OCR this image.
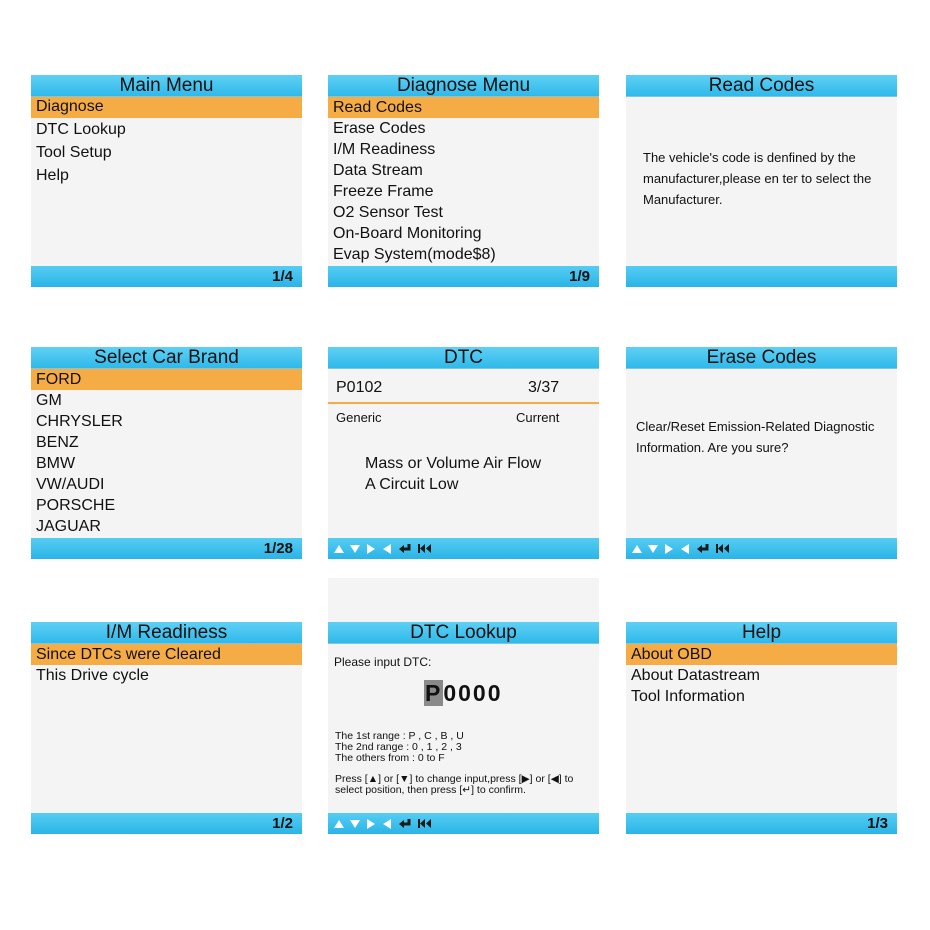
Main Menu
Diagnose
DTC Lookup
Tool Setup
Help
1/4
Diagnose Menu
Read Codes
Erase Codes
I/M Readiness
Data Stream
Freeze Frame
O2 Sensor Test
On-Board Monitoring
Evap System(mode$8)
1/9
Read Codes
The vehicle's code is denfined by the
manufacturer,please en ter to select the
Manufacturer.
Select Car Brand
FORD
GM
CHRYSLER
BENZ
BMW
VW/AUDI
PORSCHE
JAGUAR
1/28
DTC
P0102	3/37
Generic	Current
Mass or Volume Air Flow
A Circuit Low
Erase Codes
Clear/Reset Emission-Related Diagnostic
Information. Are you sure?
I/M Readiness
Since DTCs were Cleared
This Drive cycle
1/2
DTC Lookup
Please input DTC:
P0000
The 1st range : P , C , B , U
The 2nd range : 0 , 1 , 2 , 3
The others from : 0 to F
Press [▲] or [▼] to change input,press [▶] or [◀] to
select position, then press [↵] to confirm.
Help
About OBD
About Datastream
Tool Information
1/3
